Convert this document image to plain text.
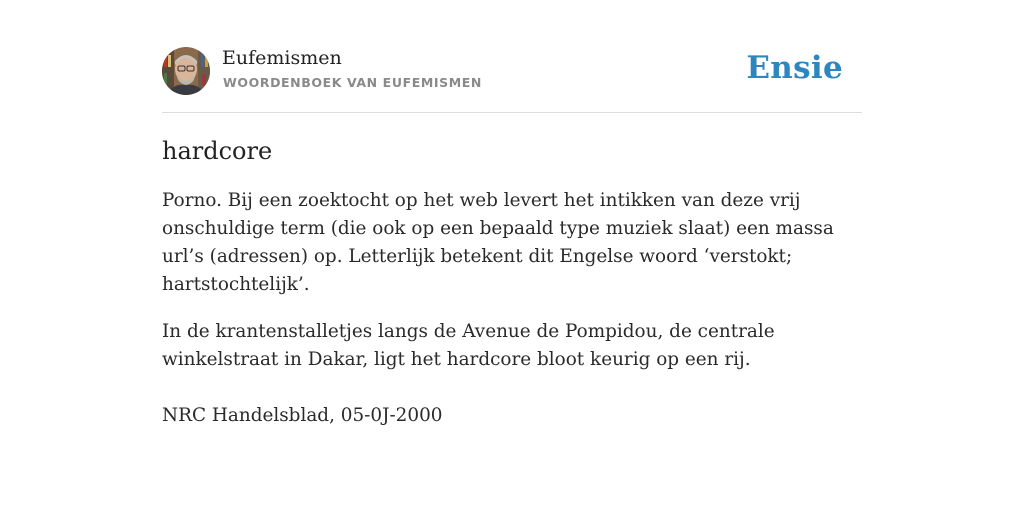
Eufemismen
WOORDENBOEK VAN EUFEMISMEN	Ensie
hardcore

Porno. Bij een zoektocht op het web levert het intikken van deze vrij onschuldige term (die ook op een bepaald type muziek slaat) een massa url’s (adressen) op. Letterlijk betekent dit Engelse woord ‘verstokt; hartstochtelijk’.

In de krantenstalletjes langs de Avenue de Pompidou, de centrale winkelstraat in Dakar, ligt het hardcore bloot keurig op een rij.

NRC Handelsblad, 05-0J-2000
